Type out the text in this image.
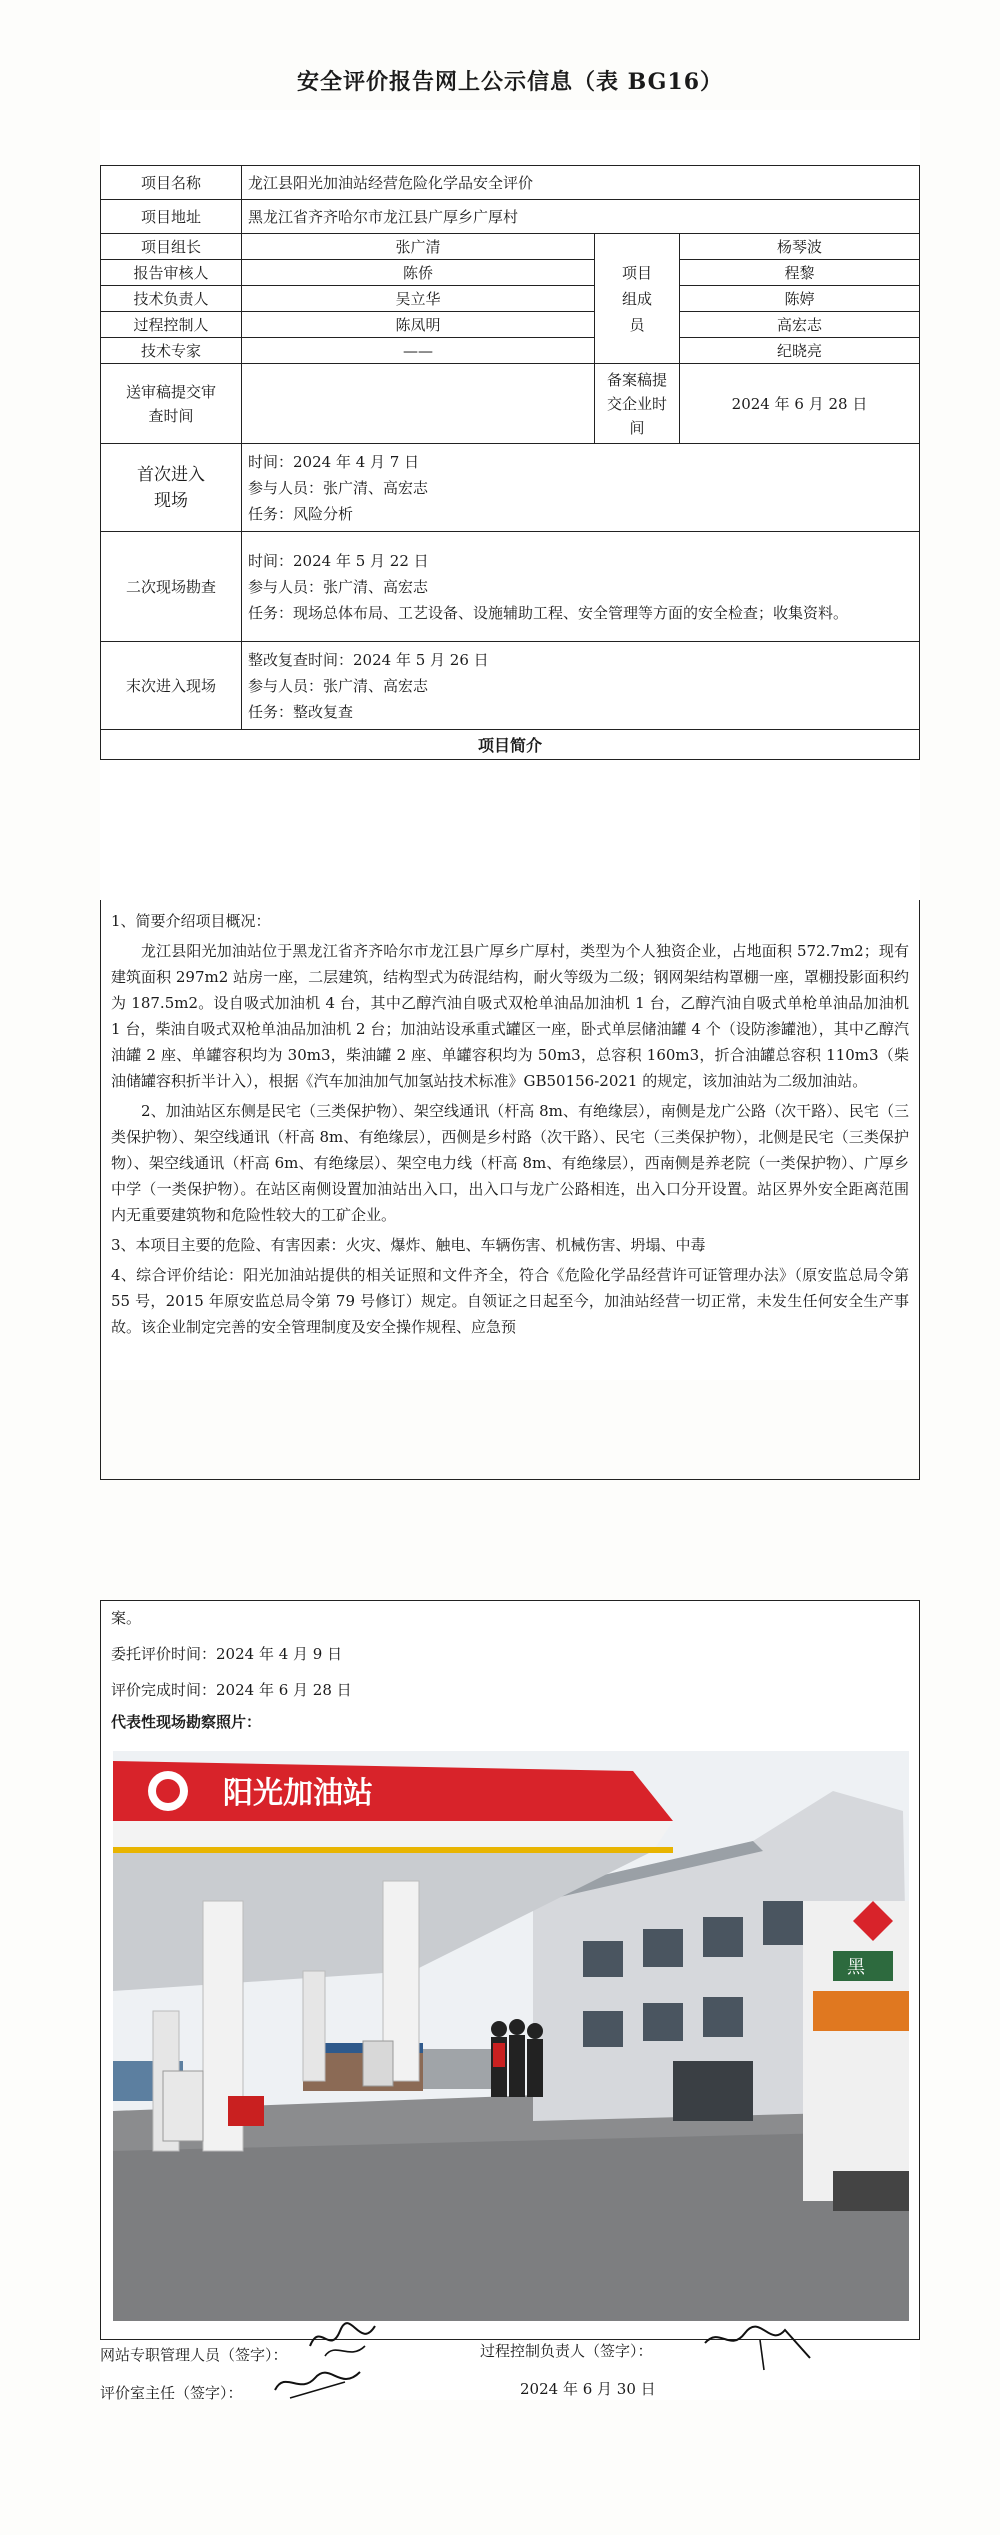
安全评价报告网上公示信息（表 BG16）
项目名称	龙江县阳光加油站经营危险化学品安全评价		
项目地址	黑龙江省齐齐哈尔市龙江县广厚乡广厚村		
项目组长	张广清	项目组成员	杨琴波
报告审核人	陈侨		程黎
技术负责人	吴立华		陈婷
过程控制人	陈凤明		高宏志
技术专家	——		纪晓亮

送审稿提交审查时间		备案稿提交企业时间	2024 年 6 月 28 日

首次进入现场	时间：2024 年 4 月 7 日
参与人员：张广清、高宏志
任务：风险分析		

二次现场勘查	时间：2024 年 5 月 22 日
参与人员：张广清、高宏志
任务：现场总体布局、工艺设备、设施辅助工程、安全管理等方面的安全检查；收集资料。		

末次进入现场	整改复查时间：2024 年 5 月 26 日
参与人员：张广清、高宏志
任务：整改复查		

项目简介			

1、简要介绍项目概况：

龙江县阳光加油站位于黑龙江省齐齐哈尔市龙江县广厚乡广厚村，类型为个人独资企业，占地面积 572.7m2；现有建筑面积 297m2 站房一座，二层建筑，结构型式为砖混结构，耐火等级为二级；钢网架结构罩棚一座，罩棚投影面积约为 187.5m2。设自吸式加油机 4 台，其中乙醇汽油自吸式双枪单油品加油机 1 台，乙醇汽油自吸式单枪单油品加油机 1 台，柴油自吸式双枪单油品加油机 2 台；加油站设承重式罐区一座，卧式单层储油罐 4 个（设防渗罐池），其中乙醇汽油罐 2 座、单罐容积均为 30m3，柴油罐 2 座、单罐容积均为 50m3，总容积 160m3，折合油罐总容积 110m3（柴油储罐容积折半计入），根据《汽车加油加气加氢站技术标准》GB50156-2021 的规定，该加油站为二级加油站。

2、加油站区东侧是民宅（三类保护物）、架空线通讯（杆高 8m、有绝缘层），南侧是龙广公路（次干路）、民宅（三类保护物）、架空线通讯（杆高 8m、有绝缘层），西侧是乡村路（次干路）、民宅（三类保护物），北侧是民宅（三类保护物）、架空线通讯（杆高 6m、有绝缘层）、架空电力线（杆高 8m、有绝缘层），西南侧是养老院（一类保护物）、广厚乡中学（一类保护物）。在站区南侧设置加油站出入口，出入口与龙广公路相连，出入口分开设置。站区界外安全距离范围内无重要建筑物和危险性较大的工矿企业。

3、本项目主要的危险、有害因素：火灾、爆炸、触电、车辆伤害、机械伤害、坍塌、中毒

4、综合评价结论：阳光加油站提供的相关证照和文件齐全，符合《危险化学品经营许可证管理办法》（原安监总局令第 55 号，2015 年原安监总局令第 79 号修订）规定。自领证之日起至今，加油站经营一切正常，未发生任何安全生产事故。该企业制定完善的安全管理制度及安全操作规程、应急预

案。
委托评价时间：2024 年 4 月 9 日
评价完成时间：2024 年 6 月 28 日
代表性现场勘察照片：
阳光加油站
黑
网站专职管理人员（签字）：	过程控制负责人（签字）：
评价室主任（签字）：	2024 年 6 月 30 日
